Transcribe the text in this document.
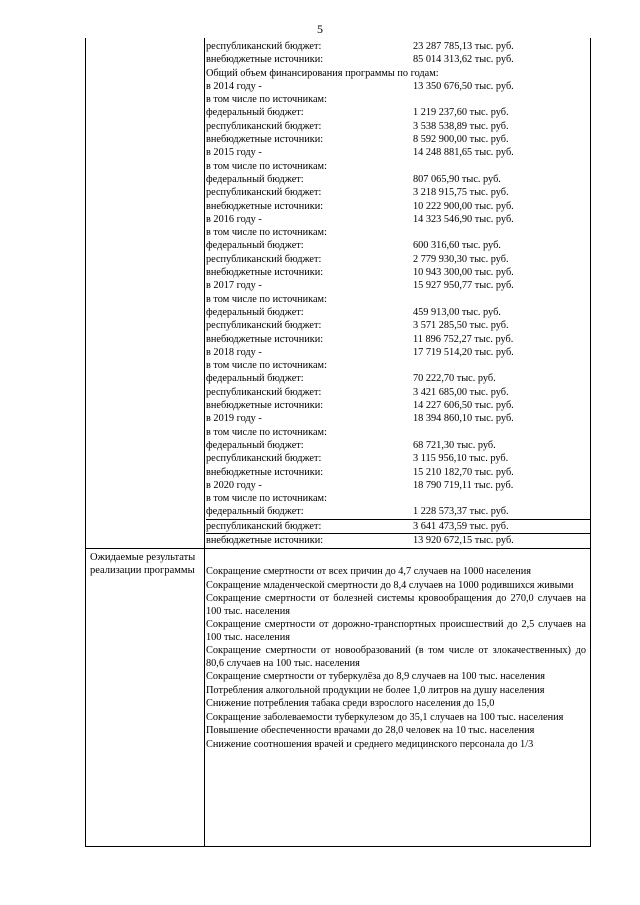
5
республиканский бюджет:	23 287 785,13 тыс. руб.
внебюджетные источники:	85 014 313,62 тыс. руб.
Общий объем финансирования программы по годам:
в 2014 году -	13 350 676,50 тыс. руб.
в том числе по источникам:
федеральный бюджет:	1 219 237,60 тыс. руб.
республиканский бюджет:	3 538 538,89 тыс. руб.
внебюджетные источники:	8 592 900,00 тыс. руб.
в 2015 году -	14 248 881,65 тыс. руб.
в том числе по источникам:
федеральный бюджет:	807 065,90 тыс. руб.
республиканский бюджет:	3 218 915,75 тыс. руб.
внебюджетные источники:	10 222 900,00 тыс. руб.
в 2016 году -	14 323 546,90 тыс. руб.
в том числе по источникам:
федеральный бюджет:	600 316,60 тыс. руб.
республиканский бюджет:	2 779 930,30 тыс. руб.
внебюджетные источники:	10 943 300,00 тыс. руб.
в 2017 году -	15 927 950,77 тыс. руб.
в том числе по источникам:
федеральный бюджет:	459 913,00 тыс. руб.
республиканский бюджет:	3 571 285,50 тыс. руб.
внебюджетные источники:	11 896 752,27 тыс. руб.
в 2018 году -	17 719 514,20 тыс. руб.
в том числе по источникам:
федеральный бюджет:	70 222,70 тыс. руб.
республиканский бюджет:	3 421 685,00 тыс. руб.
внебюджетные источники:	14 227 606,50 тыс. руб.
в 2019 году -	18 394 860,10 тыс. руб.
в том числе по источникам:
федеральный бюджет:	68 721,30 тыс. руб.
республиканский бюджет:	3 115 956,10 тыс. руб.
внебюджетные источники:	15 210 182,70 тыс. руб.
в 2020 году -	18 790 719,11 тыс. руб.
в том числе по источникам:
федеральный бюджет:	1 228 573,37 тыс. руб.
республиканский бюджет:	3 641 473,59 тыс. руб.
внебюджетные источники:	13 920 672,15 тыс. руб.
Ожидаемые результаты реализации программы	Сокращение смертности от всех причин до 4,7 случаев на 1000 населения
Сокращение младенческой смертности до 8,4 случаев на 1000 родившихся живыми
Сокращение смертности от болезней системы кровообращения до 270,0 случаев на 100 тыс. населения
Сокращение смертности от дорожно-транспортных происшествий до 2,5 случаев на 100 тыс. населения
Сокращение смертности от новообразований (в том числе от злокачественных) до 80,6 случаев на 100 тыс. населения
Сокращение смертности от туберкулёза до 8,9 случаев на 100 тыс. населения
Потребления алкогольной продукции не более 1,0 литров на душу населения
Снижение потребления табака среди взрослого населения до 15,0
Сокращение заболеваемости туберкулезом до 35,1 случаев на 100 тыс. населения
Повышение обеспеченности врачами до 28,0 человек на 10 тыс. населения
Снижение соотношения врачей и среднего медицинского персонала до 1/3
